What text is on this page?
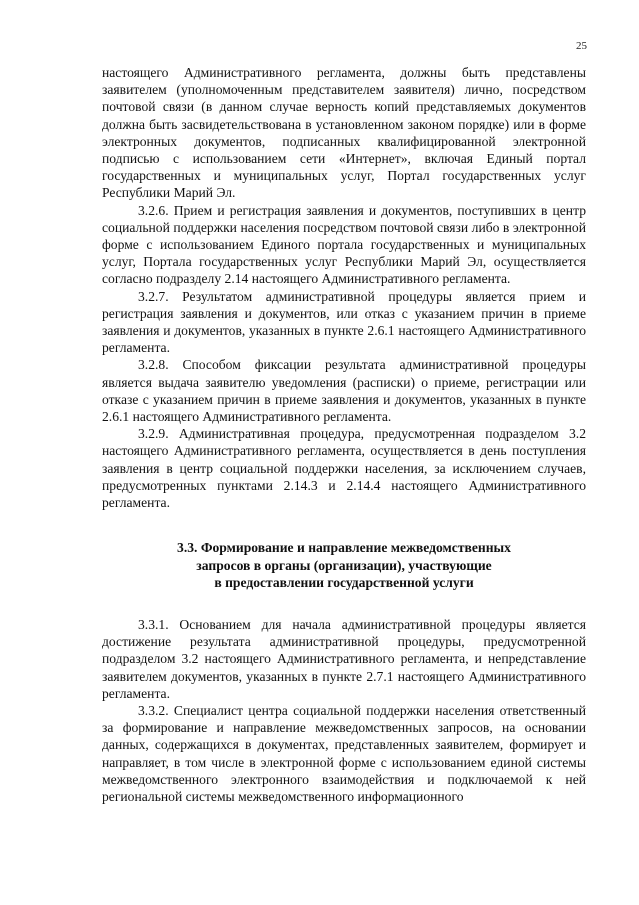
25

настоящего Административного регламента, должны быть представлены заявителем (уполномоченным представителем заявителя) лично, посредством почтовой связи (в данном случае верность копий представляемых документов должна быть засвидетельствована в установленном законом порядке) или в форме электронных документов, подписанных квалифицированной электронной подписью с использованием сети «Интернет», включая Единый портал государственных и муниципальных услуг, Портал государственных услуг Республики Марий Эл.

3.2.6. Прием и регистрация заявления и документов, поступивших в центр социальной поддержки населения посредством почтовой связи либо в электронной форме с использованием Единого портала государственных и муниципальных услуг, Портала государственных услуг Республики Марий Эл, осуществляется согласно подразделу 2.14 настоящего Административного регламента.

3.2.7. Результатом административной процедуры является прием и регистрация заявления и документов, или отказ с указанием причин в приеме заявления и документов, указанных в пункте 2.6.1 настоящего Административного регламента.

3.2.8. Способом фиксации результата административной процедуры является выдача заявителю уведомления (расписки) о приеме, регистрации или отказе с указанием причин в приеме заявления и документов, указанных в пункте 2.6.1 настоящего Административного регламента.

3.2.9. Административная процедура, предусмотренная подразделом 3.2 настоящего Административного регламента, осуществляется в день поступления заявления в центр социальной поддержки населения, за исключением случаев, предусмотренных пунктами 2.14.3 и 2.14.4 настоящего Административного регламента.

3.3. Формирование и направление межведомственных
запросов в органы (организации), участвующие
в предоставлении государственной услуги

3.3.1. Основанием для начала административной процедуры является достижение результата административной процедуры, предусмотренной подразделом 3.2 настоящего Административного регламента, и непредставление заявителем документов, указанных в пункте 2.7.1 настоящего Административного регламента.

3.3.2. Специалист центра социальной поддержки населения ответственный за формирование и направление межведомственных запросов, на основании данных, содержащихся в документах, представленных заявителем, формирует и направляет, в том числе в электронной форме с использованием единой системы межведомственного электронного взаимодействия и подключаемой к ней региональной системы межведомственного информационного
